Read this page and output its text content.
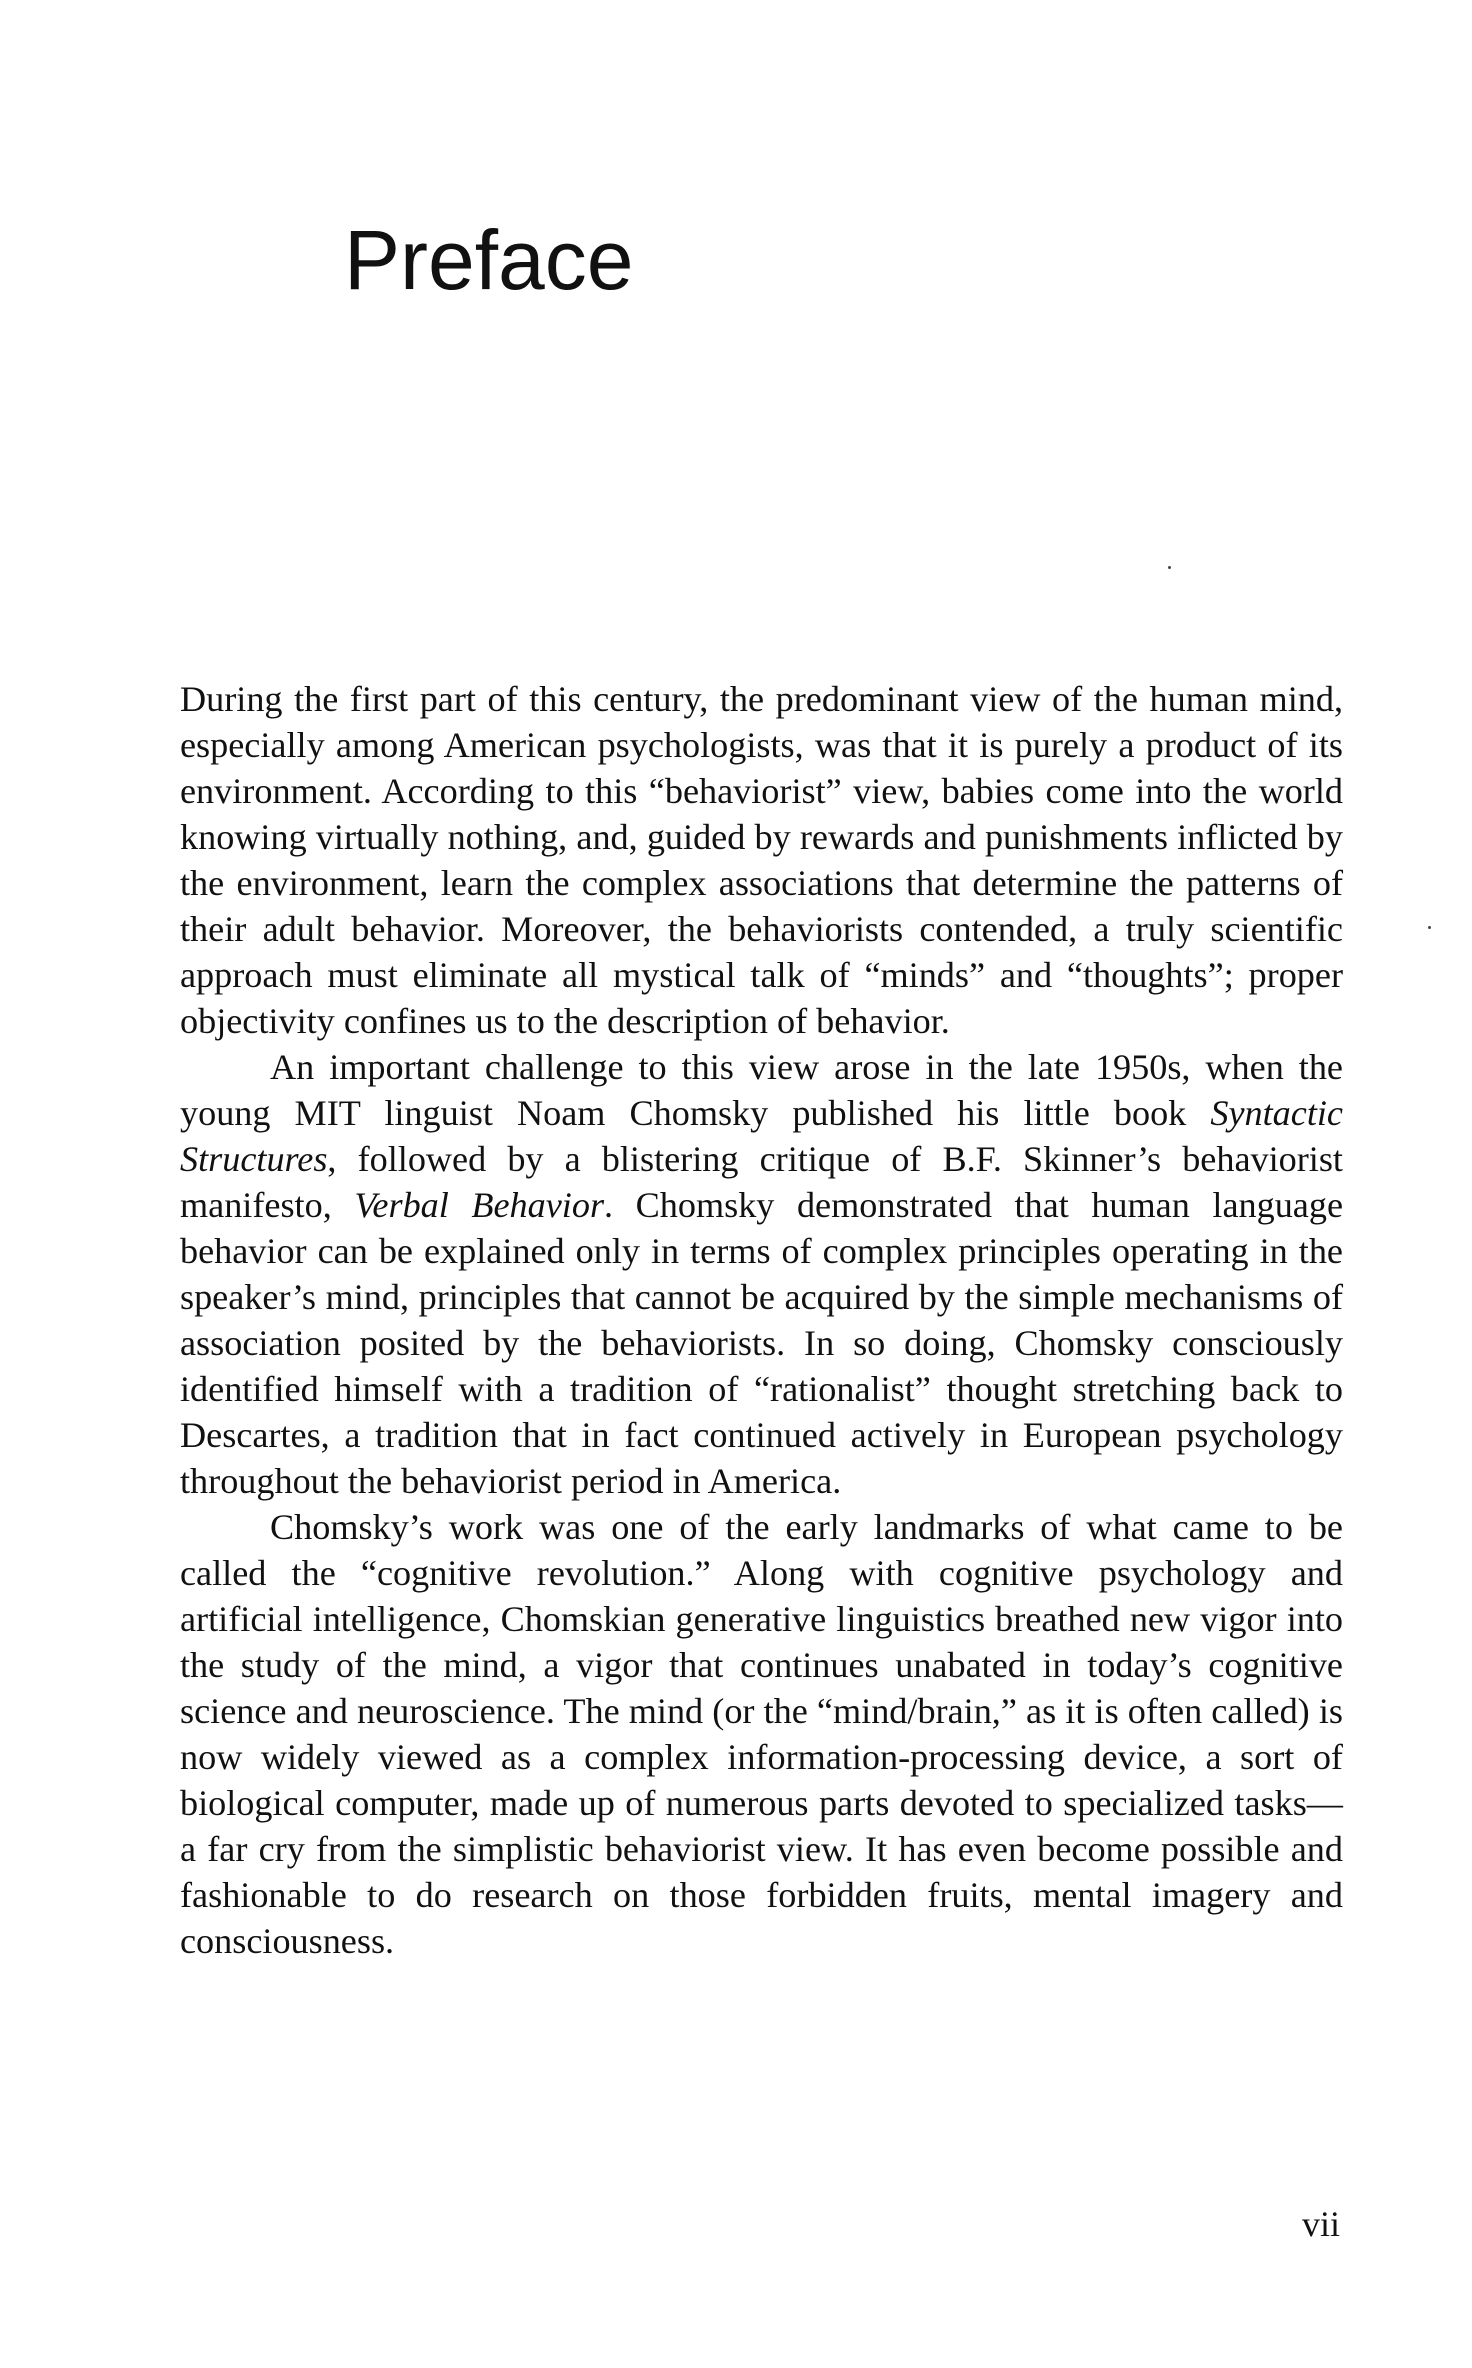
Preface

During the first part of this century, the predominant view of the human mind, especially among American psychologists, was that it is purely a product of its environment. According to this “behaviorist” view, babies come into the world knowing virtually nothing, and, guided by rewards and punishments inflicted by the environment, learn the complex associations that determine the patterns of their adult behavior. Moreover, the behaviorists contended, a truly scientific approach must eliminate all mystical talk of “minds” and “thoughts”; proper objectivity confines us to the description of behavior.

An important challenge to this view arose in the late 1950s, when the young MIT linguist Noam Chomsky published his little book Syntactic Structures, followed by a blistering critique of B.F. Skinner’s behaviorist manifesto, Verbal Behavior. Chomsky demonstrated that human language behavior can be explained only in terms of complex principles operating in the speaker’s mind, principles that cannot be acquired by the simple mechanisms of association posited by the behaviorists. In so doing, Chomsky consciously identified himself with a tradition of “rationalist” thought stretching back to Descartes, a tradition that in fact continued actively in European psychology throughout the behaviorist period in America.

Chomsky’s work was one of the early landmarks of what came to be called the “cognitive revolution.” Along with cognitive psychology and artificial intelligence, Chomskian generative linguistics breathed new vigor into the study of the mind, a vigor that continues unabated in today’s cognitive science and neuroscience. The mind (or the “mind/brain,” as it is often called) is now widely viewed as a complex information-processing device, a sort of biological computer, made up of numerous parts devoted to specialized tasks—a far cry from the simplistic behaviorist view. It has even become possible and fashionable to do research on those forbidden fruits, mental imagery and consciousness.

vii
